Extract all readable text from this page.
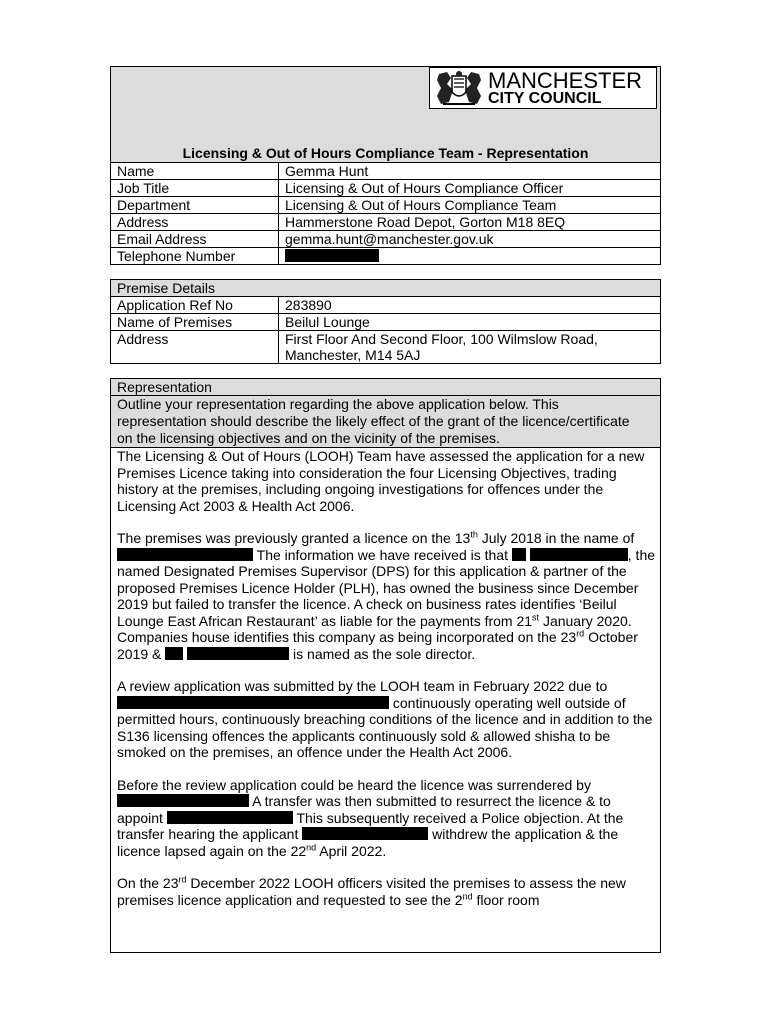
MANCHESTER
CITY COUNCIL
Licensing & Out of Hours Compliance Team - Representation
Name	Gemma Hunt
Job Title	Licensing & Out of Hours Compliance Officer
Department	Licensing & Out of Hours Compliance Team
Address	Hammerstone Road Depot, Gorton M18 8EQ
Email Address	gemma.hunt@manchester.gov.uk
Telephone Number	
Premise Details	
Application Ref No	283890
Name of Premises	Beilul Lounge
Address	First Floor And Second Floor, 100 Wilmslow Road, Manchester, M14 5AJ
Representation
Outline your representation regarding the above application below. This representation should describe the likely effect of the grant of the licence/certificate on the licensing objectives and on the vicinity of the premises.

The Licensing & Out of Hours (LOOH) Team have assessed the application for a new Premises Licence taking into consideration the four Licensing Objectives, trading history at the premises, including ongoing investigations for offences under the Licensing Act 2003 & Health Act 2006.

The premises was previously granted a licence on the 13th July 2018 in the name of  The information we have received is that	, the named Designated Premises Supervisor (DPS) for this application & partner of the proposed Premises Licence Holder (PLH), has owned the business since December 2019 but failed to transfer the licence. A check on business rates identifies ‘Beilul Lounge East African Restaurant’ as liable for the payments from 21st January 2020. Companies house identifies this company as being incorporated on the 23rd October 2019 &	is named as the sole director.

A review application was submitted by the LOOH team in February 2022 due to  continuously operating well outside of permitted hours, continuously breaching conditions of the licence and in addition to the S136 licensing offences the applicants continuously sold & allowed shisha to be smoked on the premises, an offence under the Health Act 2006.

Before the review application could be heard the licence was surrendered by  A transfer was then submitted to resurrect the licence & to appoint	This subsequently received a Police objection. At the transfer hearing the applicant	withdrew the application & the licence lapsed again on the 22nd April 2022.

On the 23rd December 2022 LOOH officers visited the premises to assess the new premises licence application and requested to see the 2nd floor room
